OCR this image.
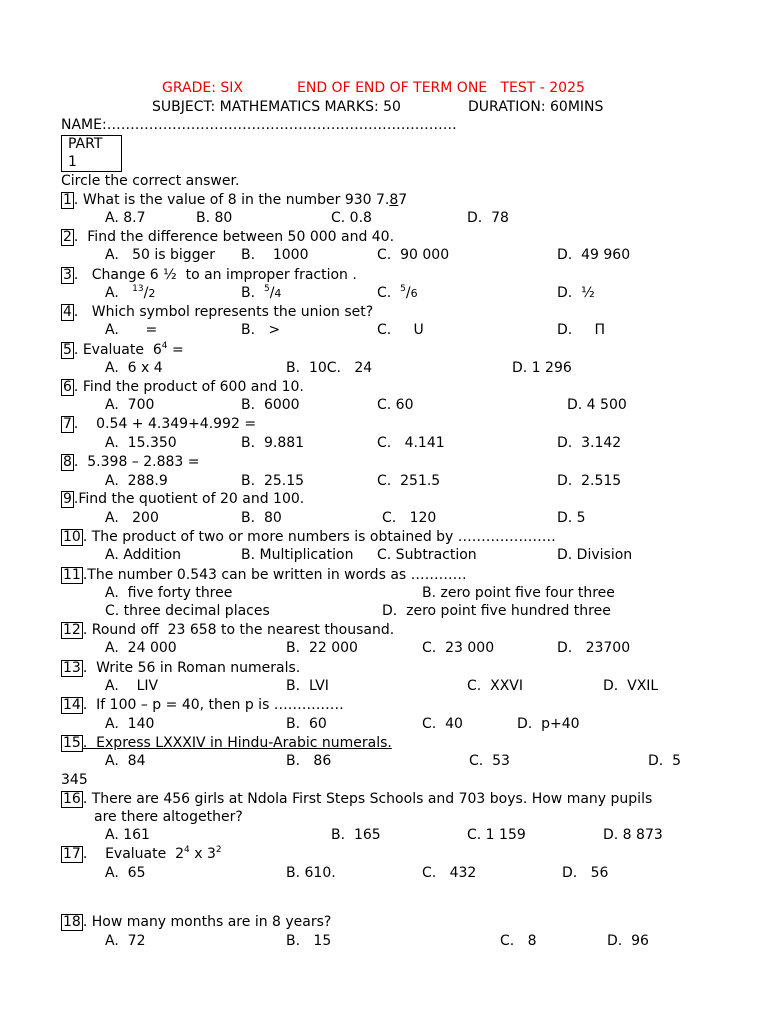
GRADE: SIX	END OF END OF TERM ONE   TEST - 2025
SUBJECT: MATHEMATICS MARKS: 50	DURATION: 60MINS
NAME:…………………………………………………………………
PART
1
Circle the correct answer.
1 . What is the value of 8 in the number 930 7.87
A. 8.7	B. 80	C. 0.8	D.  78
2 .  Find the difference between 50 000 and 40.
A.   50 is bigger B.    1000	C.  90 000	D.  49 960
3 .   Change 6 ½  to an improper fraction .
A. $^{13}$/2	B. $^5$/4	C. $^5$/6	D.  ½
4 .   Which symbol represents the union set?
A.      =	B.   >	C.     U	D.     Π
5 . Evaluate  $6^4$ =
A.  6 x 4	B.  10C.   24	D. 1 296
6 . Find the product of 600 and 10.
A.  700	B.  6000	C. 60	D. 4 500
7 .    0.54 + 4.349+4.992 =
A.  15.350	B.  9.881	C.   4.141	D.  3.142
8 .  5.398 – 2.883 =
A.  288.9	B.  25.15	C.  251.5	D.  2.515
9 .Find the quotient of 20 and 100.
A.   200	B.  80	C.   120	D. 5
10 . The product of two or more numbers is obtained by …………………
A. Addition	B. Multiplication C. Subtraction	D. Division
11 .The number 0.543 can be written in words as …………
A.  five forty three	B. zero point five four three
C. three decimal places	D.  zero point five hundred three
12 . Round off  23 658 to the nearest thousand.
A.  24 000	B.  22 000	C.  23 000	D.   23700
13 .  Write 56 in Roman numerals.
A.    LIV	B.  LVI	C.  XXVI	D.  VXIL
14 .  If 100 – p = 40, then p is ……………
A.  140	B.  60	C.  40	D.  p+40
15 .  Express LXXXIV in Hindu-Arabic numerals.
A.  84	B.   86	C.  53	D.  5
345
16 . There are 456 girls at Ndola First Steps Schools and 703 boys. How many pupils
are there altogether?
A. 161	B.  165	C. 1 159	D. 8 873
17 .    Evaluate  $2^4$ x $3^2$
A.  65	B. 610.	C.   432	D.   56
18 . How many months are in 8 years?
A.  72	B.   15	C.   8	D.  96
